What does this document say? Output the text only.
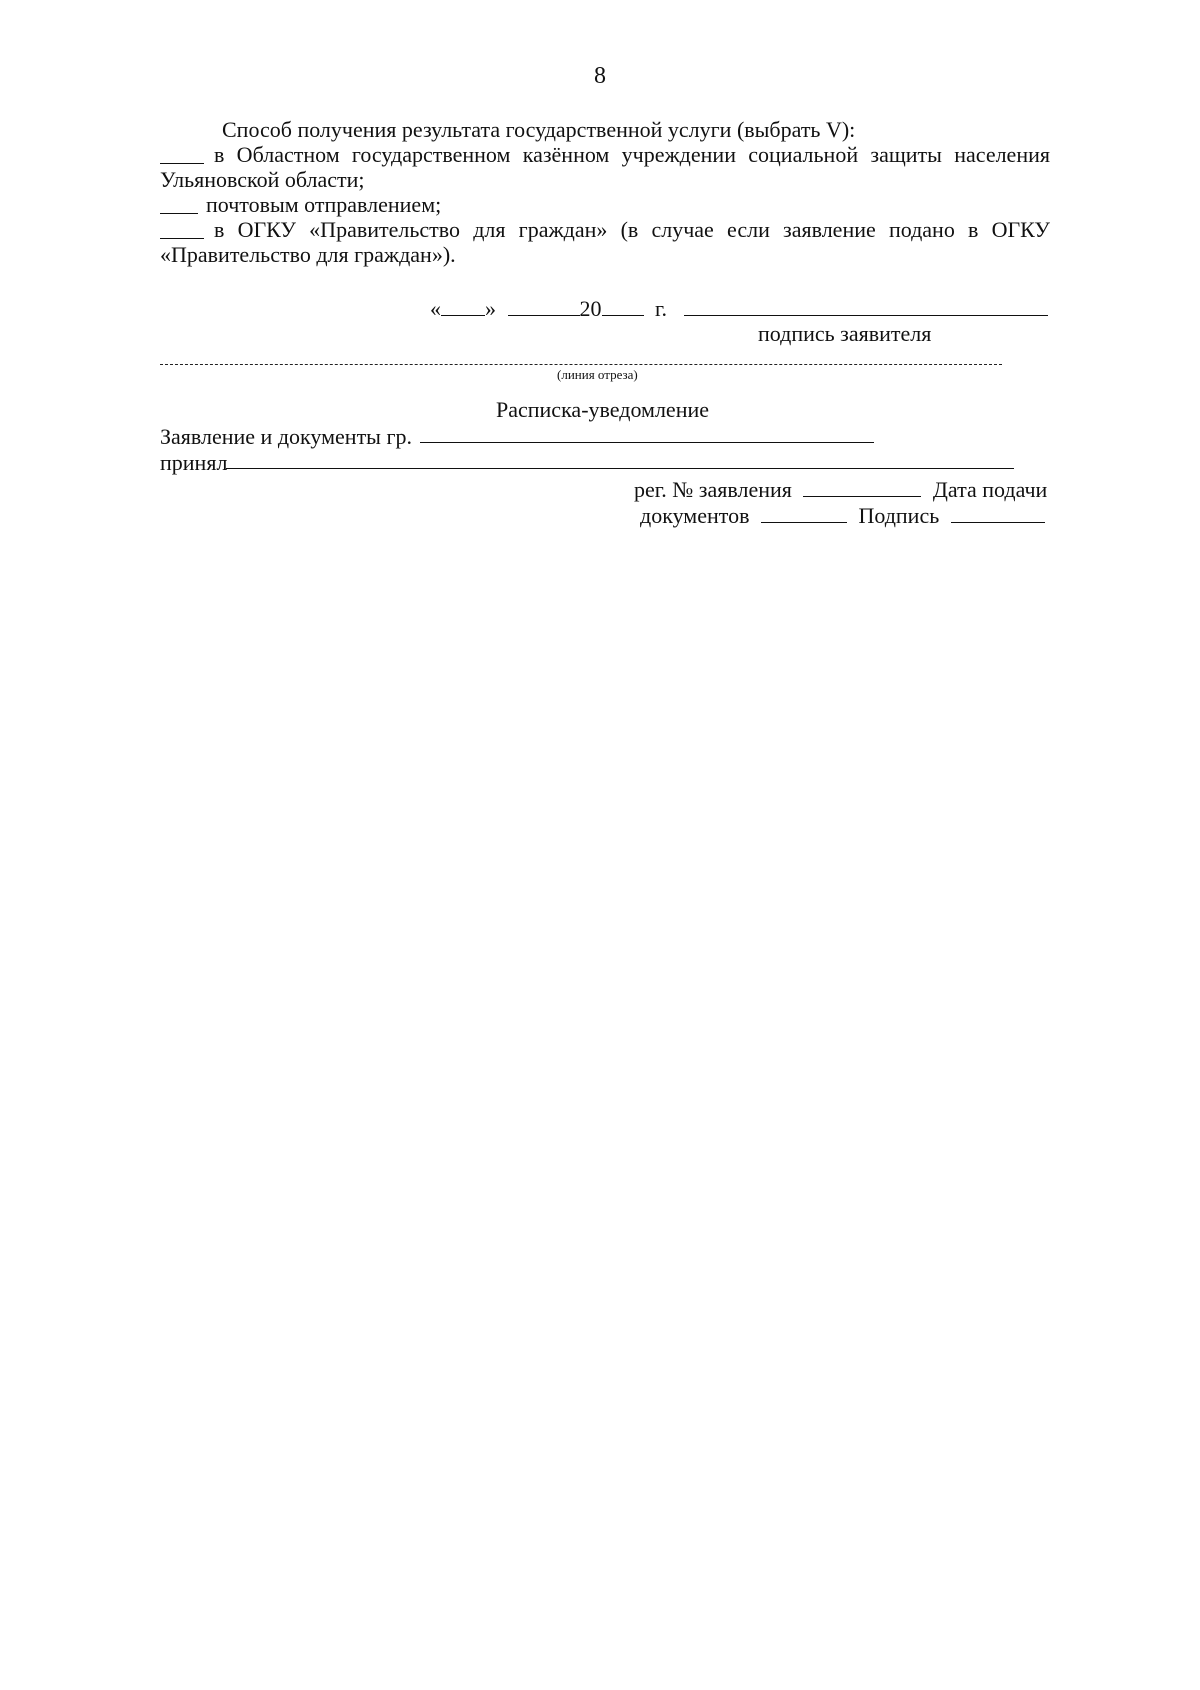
8
Способ получения результата государственной услуги (выбрать V):
в Областном государственном казённом учреждении социальной защиты населения
Ульяновской области;
почтовым отправлением;
в ОГКУ «Правительство для граждан» (в случае если заявление подано в ОГКУ
«Правительство для граждан»).
« »	20 г.
подпись заявителя
(линия отреза)
Расписка-уведомление
Заявление и документы гр.
принял
рег. № заявления	Дата подачи
документов	Подпись
